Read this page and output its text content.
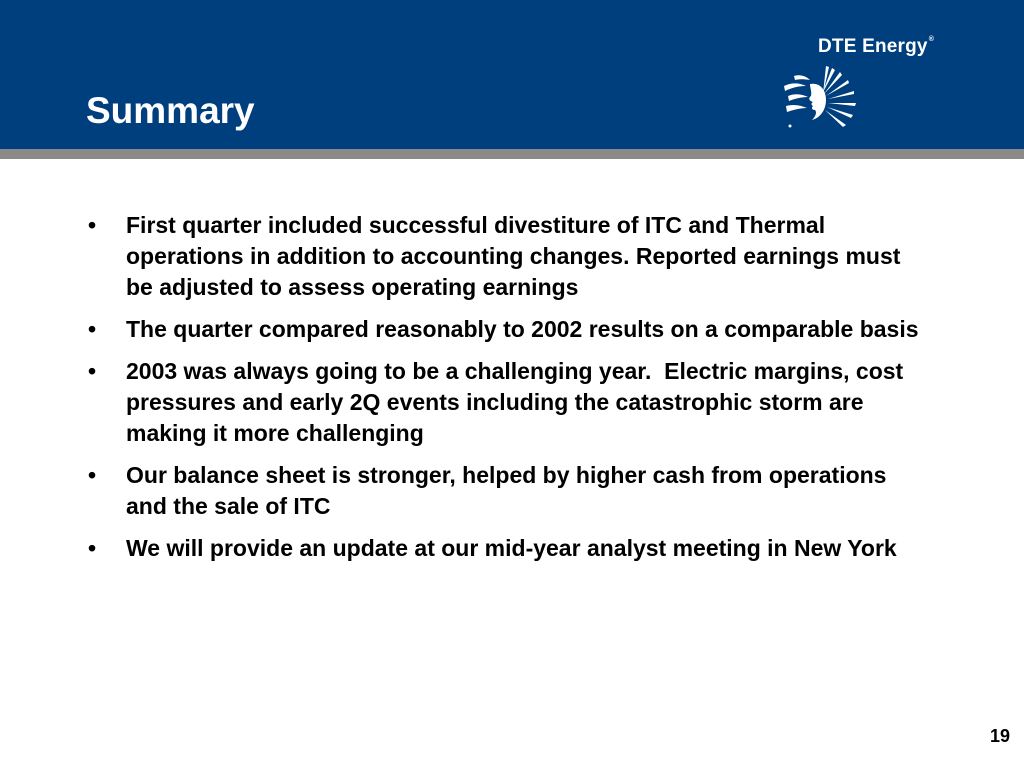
Summary
DTE Energy®
•	First quarter included successful divestiture of ITC and Thermal operations in addition to accounting changes. Reported earnings must be adjusted to assess operating earnings
•	The quarter compared reasonably to 2002 results on a comparable basis
•	2003 was always going to be a challenging year.  Electric margins, cost pressures and early 2Q events including the catastrophic storm are making it more challenging
•	Our balance sheet is stronger, helped by higher cash from operations and the sale of ITC
•	We will provide an update at our mid-year analyst meeting in New York
19
